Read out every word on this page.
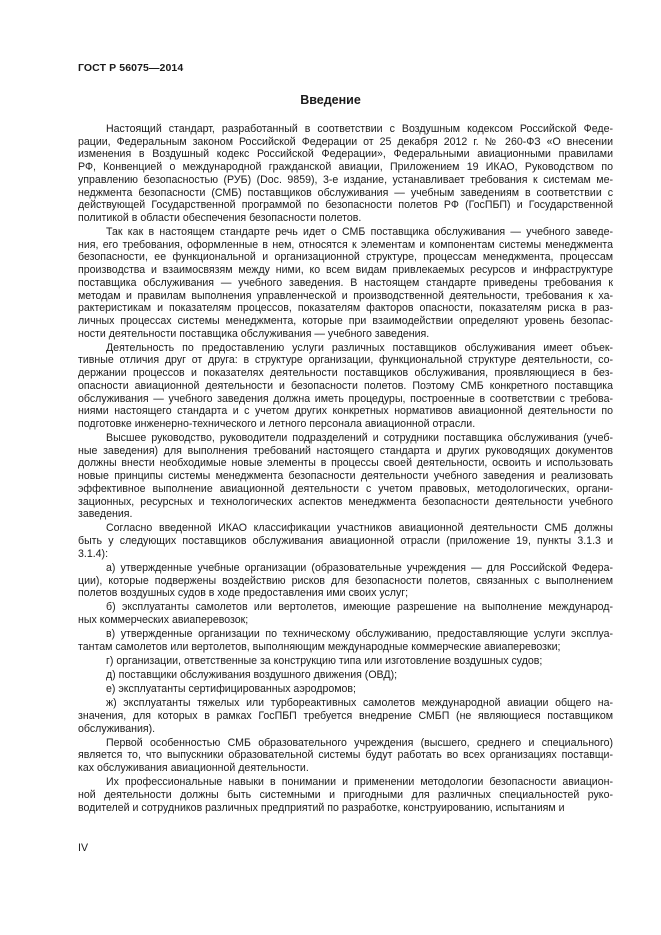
ГОСТ Р 56075—2014
Введение
Настоящий стандарт, разработанный в соответствии с Воздушным кодексом Российской Феде-
рации, Федеральным законом Российской Федерации от 25 декабря 2012 г. № 260-ФЗ «О внесении
изменения в Воздушный кодекс Российской Федерации», Федеральными авиационными правилами
РФ, Конвенцией о международной гражданской авиации, Приложением 19 ИКАО, Руководством по
управлению безопасностью (РУБ) (Doc. 9859), 3-е издание, устанавливает требования к системам ме-
неджмента безопасности (СМБ) поставщиков обслуживания — учебным заведениям в соответствии с
действующей Государственной программой по безопасности полетов РФ (ГосПБП) и Государственной
политикой в области обеспечения безопасности полетов.
Так как в настоящем стандарте речь идет о СМБ поставщика обслуживания — учебного заведе-
ния, его требования, оформленные в нем, относятся к элементам и компонентам системы менеджмента
безопасности, ее функциональной и организационной структуре, процессам менеджмента, процессам
производства и взаимосвязям между ними, ко всем видам привлекаемых ресурсов и инфраструктуре
поставщика обслуживания — учебного заведения. В настоящем стандарте приведены требования к
методам и правилам выполнения управленческой и производственной деятельности, требования к ха-
рактеристикам и показателям процессов, показателям факторов опасности, показателям риска в раз-
личных процессах системы менеджмента, которые при взаимодействии определяют уровень безопас-
ности деятельности поставщика обслуживания — учебного заведения.
Деятельность по предоставлению услуги различных поставщиков обслуживания имеет объек-
тивные отличия друг от друга: в структуре организации, функциональной структуре деятельности, со-
держании процессов и показателях деятельности поставщиков обслуживания, проявляющиеся в без-
опасности авиационной деятельности и безопасности полетов. Поэтому СМБ конкретного поставщика
обслуживания — учебного заведения должна иметь процедуры, построенные в соответствии с требова-
ниями настоящего стандарта и с учетом других конкретных нормативов авиационной деятельности по
подготовке инженерно-технического и летного персонала авиационной отрасли.
Высшее руководство, руководители подразделений и сотрудники поставщика обслуживания (учеб-
ные заведения) для выполнения требований настоящего стандарта и других руководящих документов
должны внести необходимые новые элементы в процессы своей деятельности, освоить и использовать
новые принципы системы менеджмента безопасности деятельности учебного заведения и реализовать
эффективное выполнение авиационной деятельности с учетом правовых, методологических, органи-
зационных, ресурсных и технологических аспектов менеджмента безопасности деятельности учебного
заведения.
Согласно введенной ИКАО классификации участников авиационной деятельности СМБ должны
быть у следующих поставщиков обслуживания авиационной отрасли (приложение 19, пункты 3.1.3 и
3.1.4):
а) утвержденные учебные организации (образовательные учреждения — для Российской Федера-
ции), которые подвержены воздействию рисков для безопасности полетов, связанных с выполнением
полетов воздушных судов в ходе предоставления ими своих услуг;
б) эксплуатанты самолетов или вертолетов, имеющие разрешение на выполнение международ-
ных коммерческих авиаперевозок;
в) утвержденные организации по техническому обслуживанию, предоставляющие услуги эксплуа-
тантам самолетов или вертолетов, выполняющим международные коммерческие авиаперевозки;
г) организации, ответственные за конструкцию типа или изготовление воздушных судов;
д) поставщики обслуживания воздушного движения (ОВД);
е) эксплуатанты сертифицированных аэродромов;
ж) эксплуатанты тяжелых или турбореактивных самолетов международной авиации общего на-
значения, для которых в рамках ГосПБП требуется внедрение СМБП (не являющиеся поставщиком
обслуживания).
Первой особенностью СМБ образовательного учреждения (высшего, среднего и специального)
является то, что выпускники образовательной системы будут работать во всех организациях поставщи-
ках обслуживания авиационной деятельности.
Их профессиональные навыки в понимании и применении методологии безопасности авиацион-
ной деятельности должны быть системными и пригодными для различных специальностей руко-
водителей и сотрудников различных предприятий по разработке, конструированию, испытаниям и
IV
